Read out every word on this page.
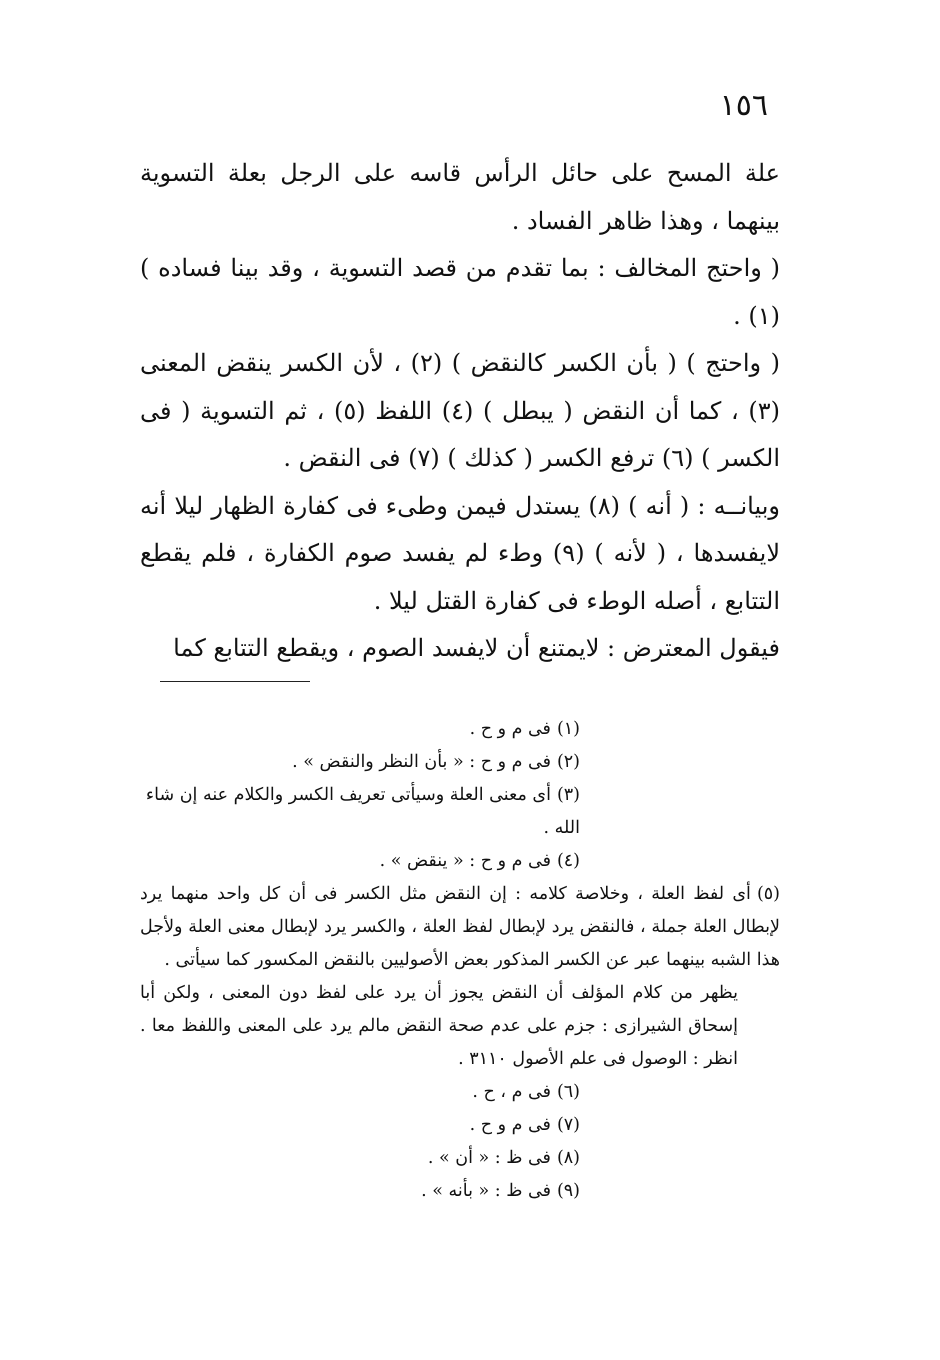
١٥٦

علة المسح على حائل الرأس قاسه على الرجل بعلة التسوية بينهما ، وهذا ظاهر الفساد .

( واحتج المخالف : بما تقدم من قصد التسوية ، وقد بينا فساده ) (١) .

( واحتج ) ( بأن الكسر كالنقض ) (٢) ، لأن الكسر ينقض المعنى (٣) ، كما أن النقض ( يبطل ) (٤) اللفظ (٥) ، ثم التسوية ( فى الكسر ) (٦) ترفع الكسر ( كذلك ) (٧) فى النقض .

وبيانــه : ( أنه ) (٨) يستدل فيمن وطىء فى كفارة الظهار ليلا أنه لايفسدها ، ( لأنه ) (٩) وطء لم يفسد صوم الكفارة ، فلم يقطع التتابع ، أصله الوطء فى كفارة القتل ليلا .

فيقول المعترض : لايمتنع أن لايفسد الصوم ، ويقطع التتابع كما

(١)فى م و ح .

(٢)فى م و ح : « بأن النظر والنقض » .

(٣)أى معنى العلة وسيأتى تعريف الكسر والكلام عنه إن شاء الله .

(٤)فى م و ح : « ينقض » .

(٥)أى لفظ العلة ، وخلاصة كلامه : إن النقض مثل الكسر فى أن كل واحد منهما يرد لإبطال العلة جملة ، فالنقض يرد لإبطال لفظ العلة ، والكسر يرد لإبطال معنى العلة ولأجل هذا الشبه بينهما عبر عن الكسر المذكور بعض الأصوليين بالنقض المكسور كما سيأتى .

يظهر من كلام المؤلف أن النقض يجوز أن يرد على لفظ دون المعنى ، ولكن أبا إسحاق الشيرازى : جزم على عدم صحة النقض مالم يرد على المعنى واللفظ معا . انظر : الوصول فى علم الأصول ٣١١٠ .

(٦)فى م ، ح .

(٧)فى م و ح .

(٨)فى ظ : « أن » .

(٩)فى ظ : « بأنه » .
